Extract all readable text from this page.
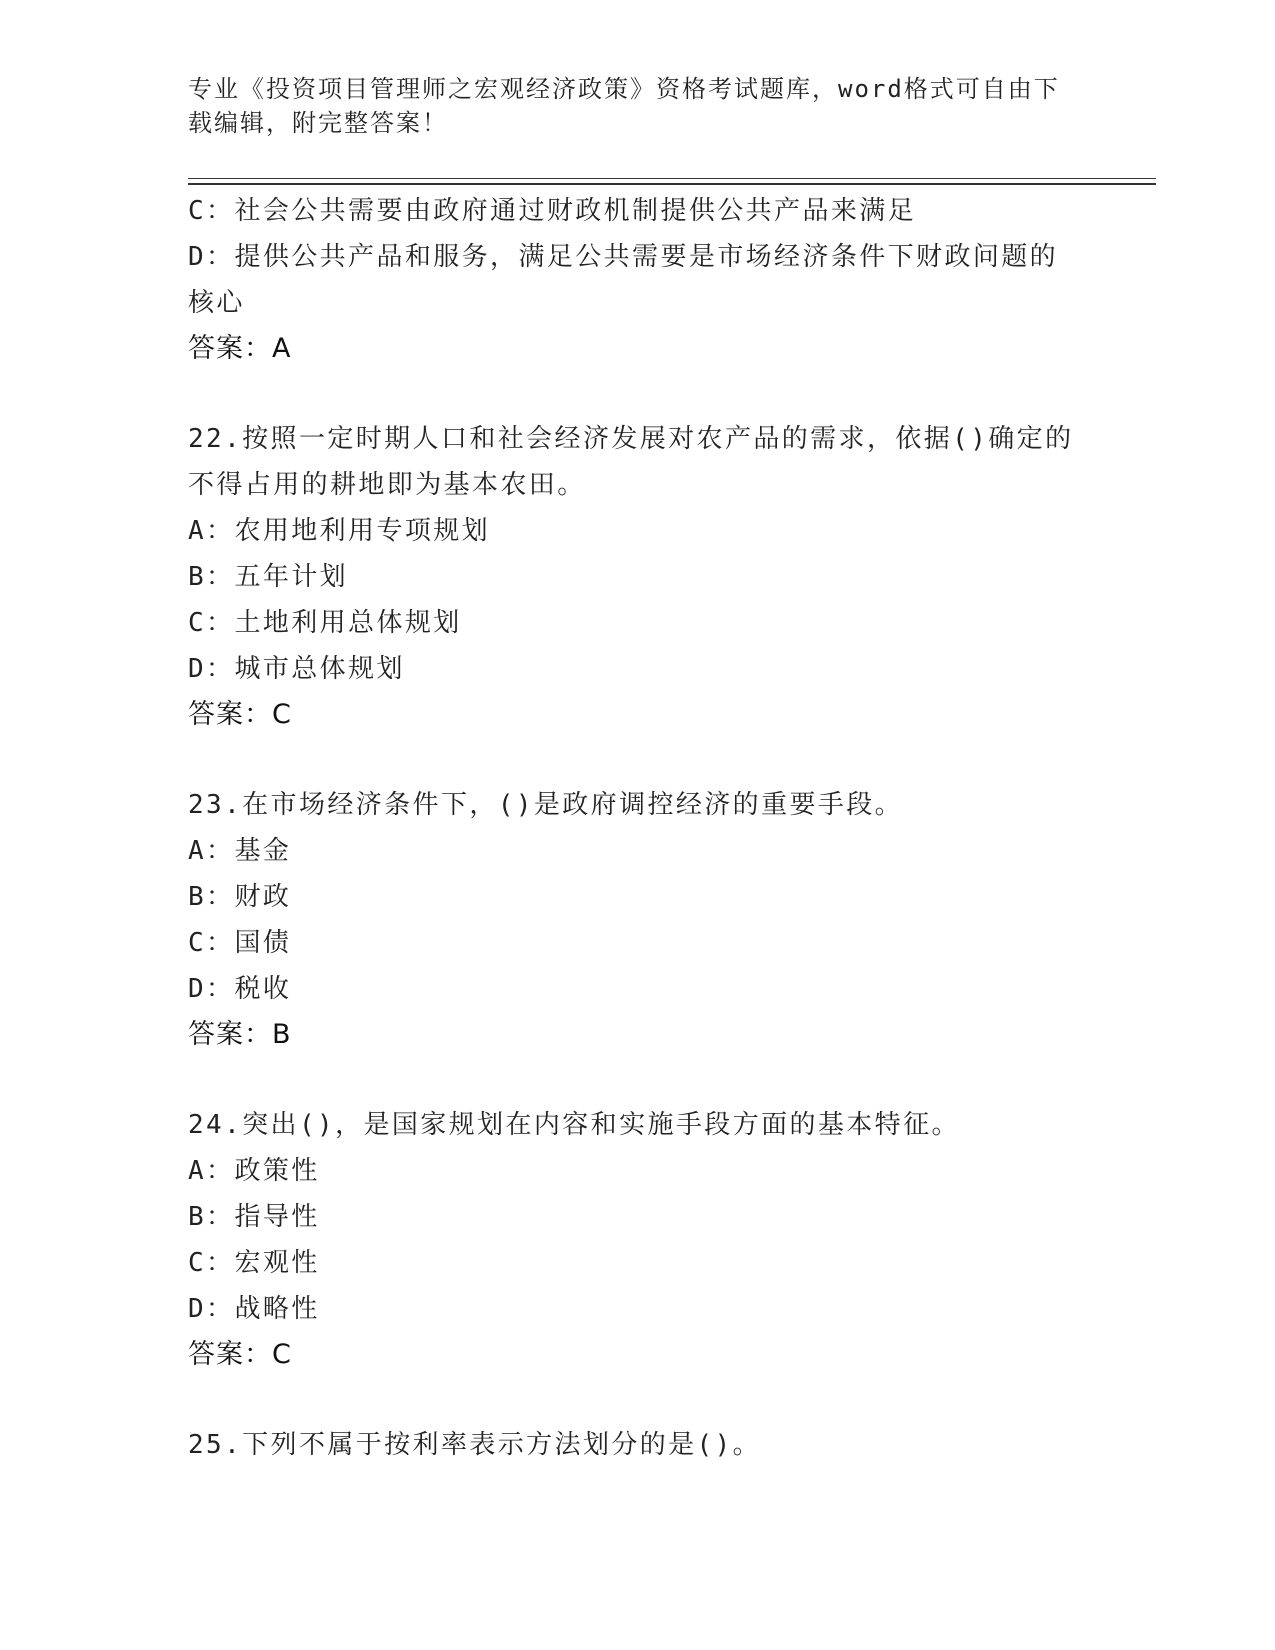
专业《投资项目管理师之宏观经济政策》资格考试题库，word格式可自由下载编辑，附完整答案！
C：社会公共需要由政府通过财政机制提供公共产品来满足
D：提供公共产品和服务，满足公共需要是市场经济条件下财政问题的核心
答案：A
22.按照一定时期人口和社会经济发展对农产品的需求，依据()确定的不得占用的耕地即为基本农田。
A：农用地利用专项规划
B：五年计划
C：土地利用总体规划
D：城市总体规划
答案：C
23.在市场经济条件下，()是政府调控经济的重要手段。
A：基金
B：财政
C：国债
D：税收
答案：B
24.突出()，是国家规划在内容和实施手段方面的基本特征。
A：政策性
B：指导性
C：宏观性
D：战略性
答案：C
25.下列不属于按利率表示方法划分的是()。
